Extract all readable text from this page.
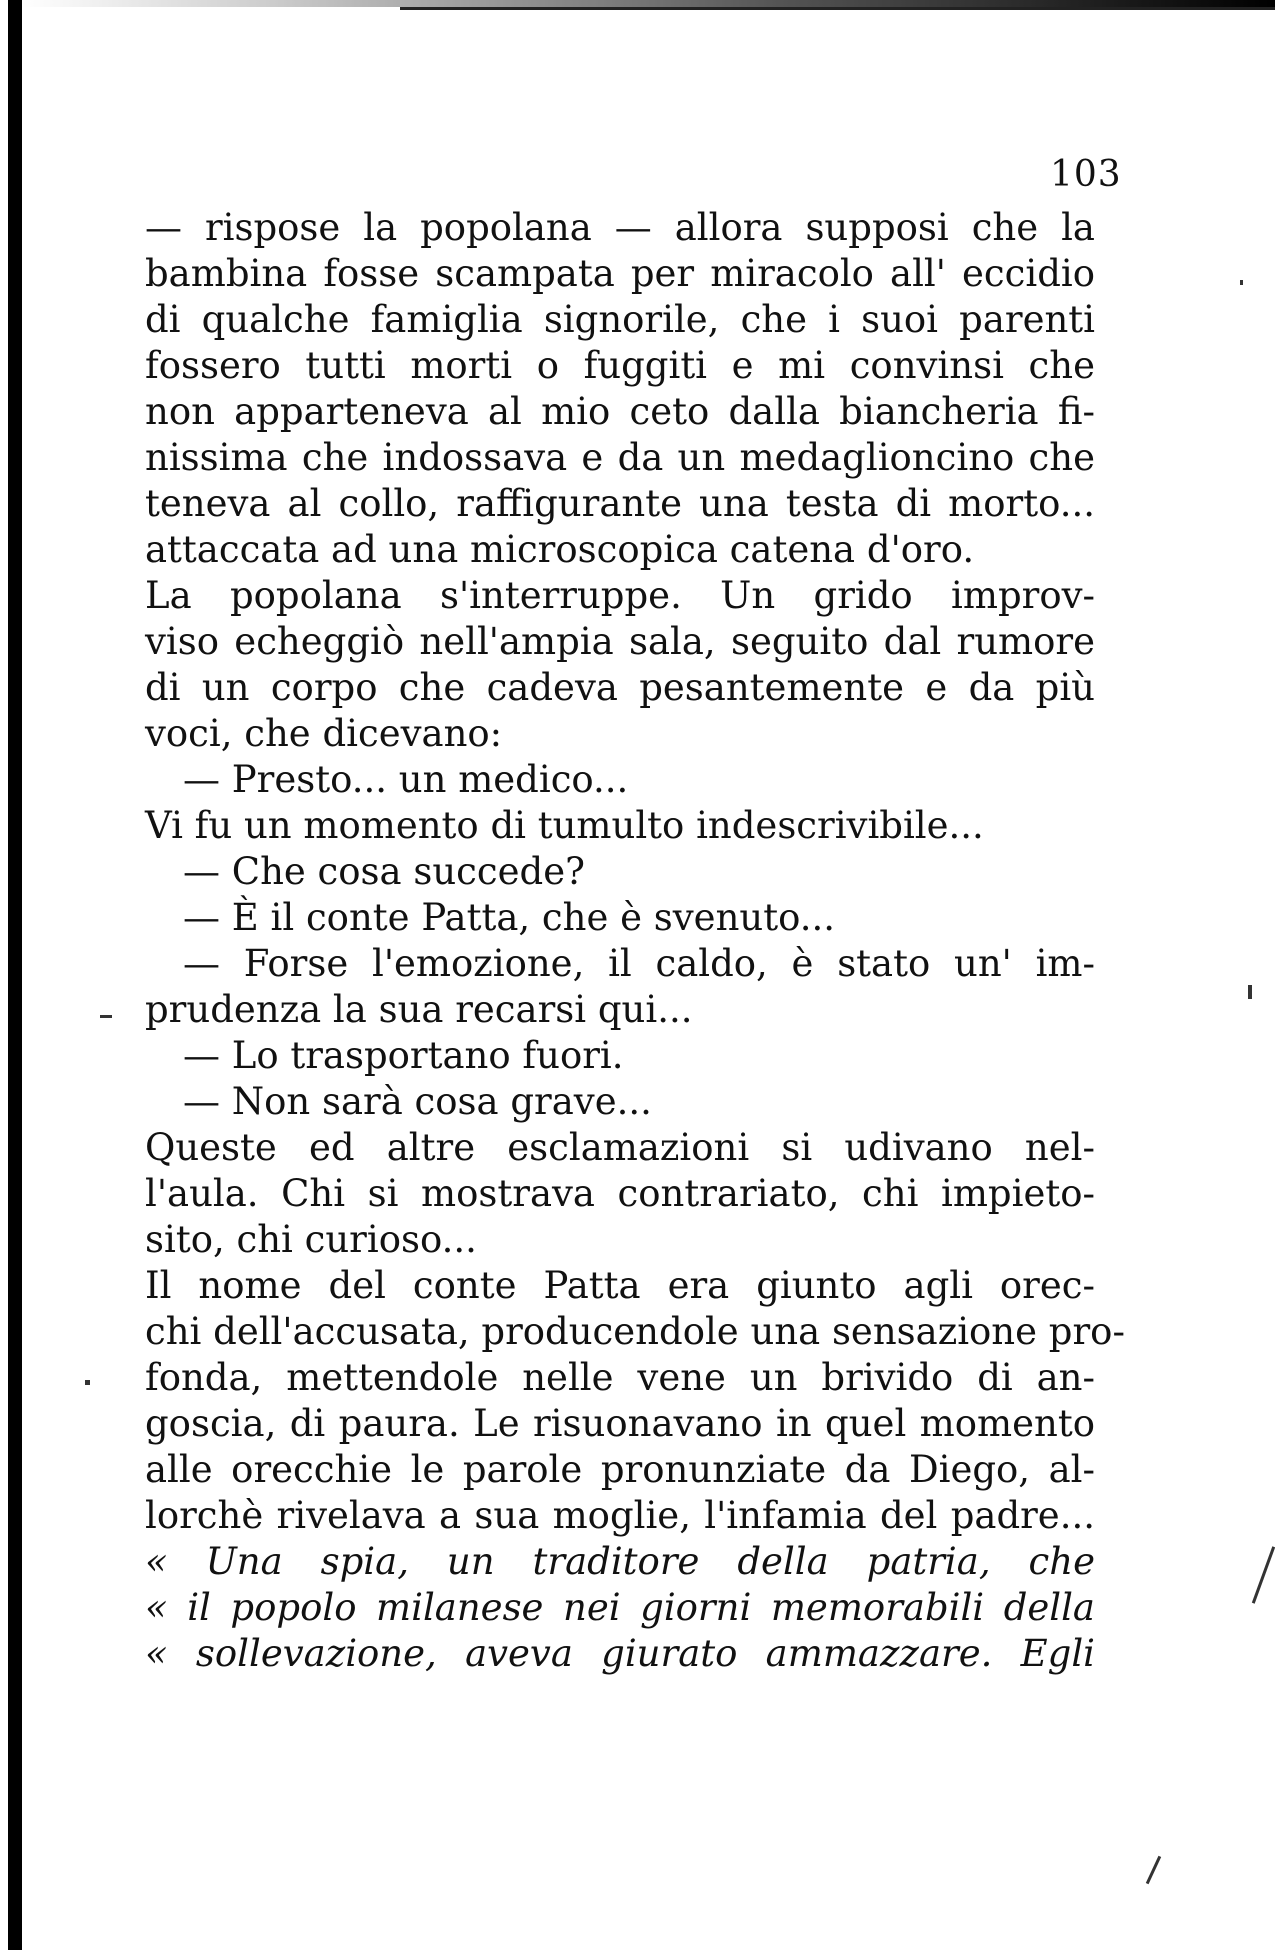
103
— rispose la popolana — allora supposi che la
bambina fosse scampata per miracolo all' eccidio
di qualche famiglia signorile, che i suoi parenti
fossero tutti morti o fuggiti e mi convinsi che
non apparteneva al mio ceto dalla biancheria fi-
nissima che indossava e da un medaglioncino che
teneva al collo, raffigurante una testa di morto...
attaccata ad una microscopica catena d'oro.
La popolana s'interruppe. Un grido improv-
viso echeggiò nell'ampia sala, seguito dal rumore
di un corpo che cadeva pesantemente e da più
voci, che dicevano:
— Presto... un medico...
Vi fu un momento di tumulto indescrivibile...
— Che cosa succede?
— È il conte Patta, che è svenuto...
— Forse l'emozione, il caldo, è stato un' im-
prudenza la sua recarsi qui...
— Lo trasportano fuori.
— Non sarà cosa grave...
Queste ed altre esclamazioni si udivano nel-
l'aula. Chi si mostrava contrariato, chi impieto-
sito, chi curioso...
Il nome del conte Patta era giunto agli orec-
chi dell'accusata, producendole una sensazione pro-
fonda, mettendole nelle vene un brivido di an-
goscia, di paura. Le risuonavano in quel momento
alle orecchie le parole pronunziate da Diego, al-
lorchè rivelava a sua moglie, l'infamia del padre...
« Una spia, un traditore della patria, che
« il popolo milanese nei giorni memorabili della
« sollevazione, aveva giurato ammazzare. Egli
